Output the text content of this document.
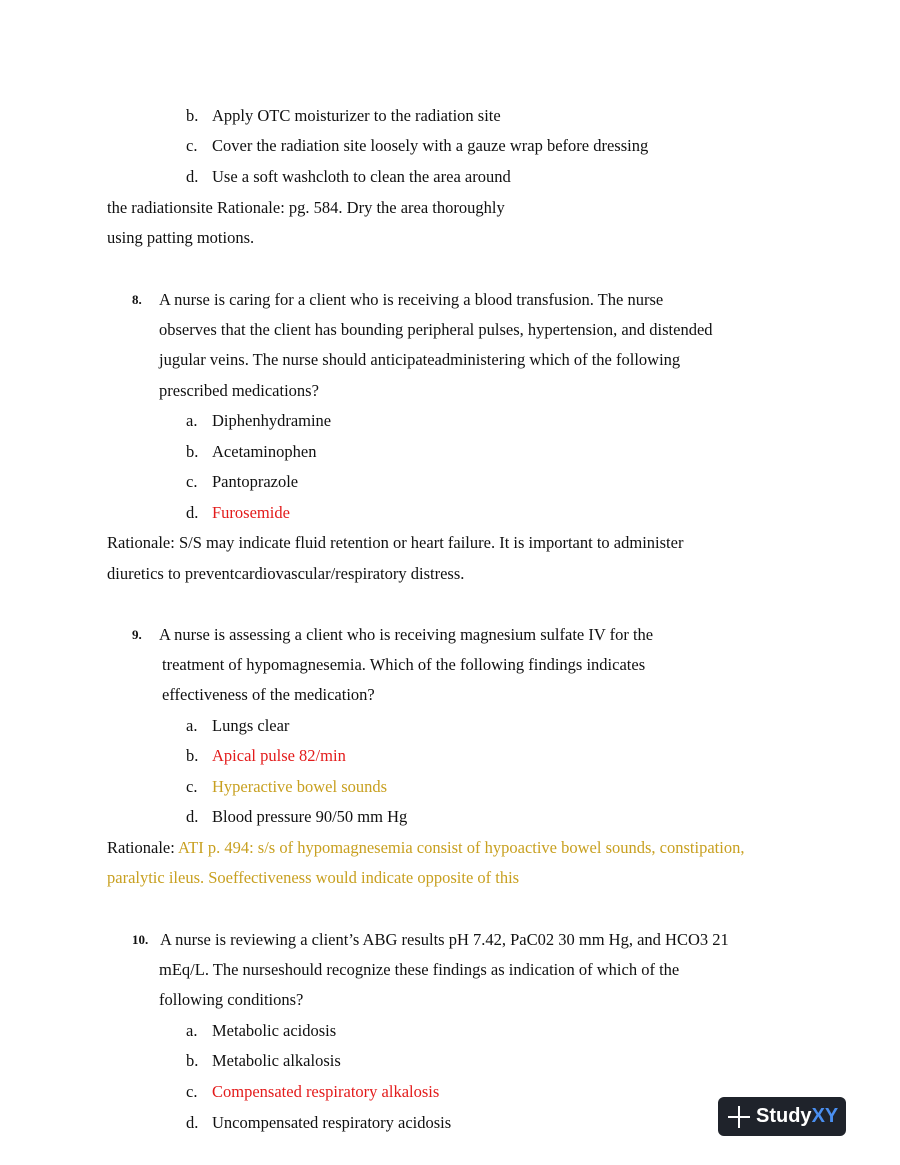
b. Apply OTC moisturizer to the radiation site
c. Cover the radiation site loosely with a gauze wrap before dressing
d. Use a soft washcloth to clean the area around
the radiationsite Rationale: pg. 584. Dry the area thoroughly
using patting motions.
8. A nurse is caring for a client who is receiving a blood transfusion. The nurse
observes that the client has bounding peripheral pulses, hypertension, and distended
jugular veins. The nurse should anticipateadministering which of the following
prescribed medications?
a. Diphenhydramine
b. Acetaminophen
c. Pantoprazole
d. Furosemide
Rationale: S/S may indicate fluid retention or heart failure. It is important to administer
diuretics to preventcardiovascular/respiratory distress.
9. A nurse is assessing a client who is receiving magnesium sulfate IV for the
treatment of hypomagnesemia. Which of the following findings indicates
effectiveness of the medication?
a. Lungs clear
b. Apical pulse 82/min
c. Hyperactive bowel sounds
d. Blood pressure 90/50 mm Hg
Rationale: ATI p. 494: s/s of hypomagnesemia consist of hypoactive bowel sounds, constipation,
paralytic ileus. Soeffectiveness would indicate opposite of this
10. A nurse is reviewing a client’s ABG results pH 7.42, PaC02 30 mm Hg, and HCO3 21
mEq/L. The nurseshould recognize these findings as indication of which of the
following conditions?
a. Metabolic acidosis
b. Metabolic alkalosis
c. Compensated respiratory alkalosis
d. Uncompensated respiratory acidosis	StudyXY
